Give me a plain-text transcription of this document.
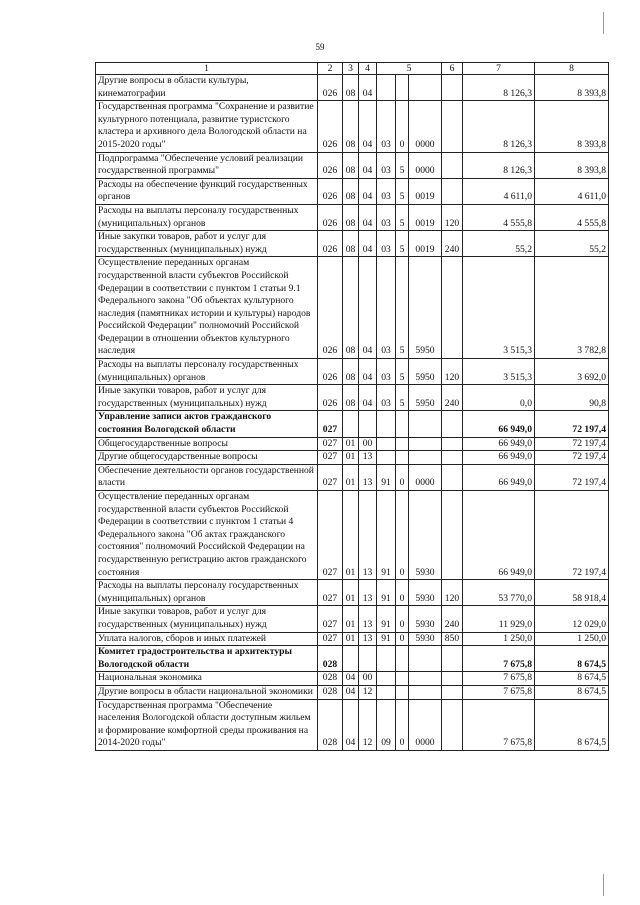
59
1	2	3	4	5			6	7	8
Другие вопросы в области культуры, кинематографии	026	08	04					8 126,3	8 393,8
Государственная программа "Сохранение и развитие культурного потенциала, развитие туристского кластера и архивного дела Вологодской области на 2015-2020 годы"	026	08	04	03	0	0000		8 126,3	8 393,8
Подпрограмма "Обеспечение условий реализации государственной программы"	026	08	04	03	5	0000		8 126,3	8 393,8
Расходы на обеспечение функций государственных органов	026	08	04	03	5	0019		4 611,0	4 611,0
Расходы на выплаты персоналу государственных (муниципальных) органов	026	08	04	03	5	0019	120	4 555,8	4 555,8
Иные закупки товаров, работ и услуг для государственных (муниципальных) нужд	026	08	04	03	5	0019	240	55,2	55,2
Осуществление переданных органам государственной власти субъектов Российской Федерации в соответствии с пунктом 1 статьи 9.1 Федерального закона "Об объектах культурного наследия (памятниках истории и культуры) народов Российской Федерации" полномочий Российской Федерации в отношении объектов культурного наследия	026	08	04	03	5	5950		3 515,3	3 782,8
Расходы на выплаты персоналу государственных (муниципальных) органов	026	08	04	03	5	5950	120	3 515,3	3 692,0
Иные закупки товаров, работ и услуг для государственных (муниципальных) нужд	026	08	04	03	5	5950	240	0,0	90,8
Управление записи актов гражданского состояния Вологодской области	027							66 949,0	72 197,4
Общегосударственные вопросы	027	01	00					66 949,0	72 197,4
Другие общегосударственные вопросы	027	01	13					66 949,0	72 197,4
Обеспечение деятельности органов государственной власти	027	01	13	91	0	0000		66 949,0	72 197,4
Осуществление переданных органам государственной власти субъектов Российской Федерации в соответствии с пунктом 1 статьи 4 Федерального закона "Об актах гражданского состояния" полномочий Российской Федерации на государственную регистрацию актов гражданского состояния	027	01	13	91	0	5930		66 949,0	72 197,4
Расходы на выплаты персоналу государственных (муниципальных) органов	027	01	13	91	0	5930	120	53 770,0	58 918,4
Иные закупки товаров, работ и услуг для государственных (муниципальных) нужд	027	01	13	91	0	5930	240	11 929,0	12 029,0
Уплата налогов, сборов и иных платежей	027	01	13	91	0	5930	850	1 250,0	1 250,0
Комитет градостроительства и архитектуры Вологодской области	028							7 675,8	8 674,5
Национальная экономика	028	04	00					7 675,8	8 674,5
Другие вопросы в области национальной экономики	028	04	12					7 675,8	8 674,5
Государственная программа "Обеспечение населения Вологодской области доступным жильем и формирование комфортной среды проживания на 2014-2020 годы"	028	04	12	09	0	0000		7 675,8	8 674,5
